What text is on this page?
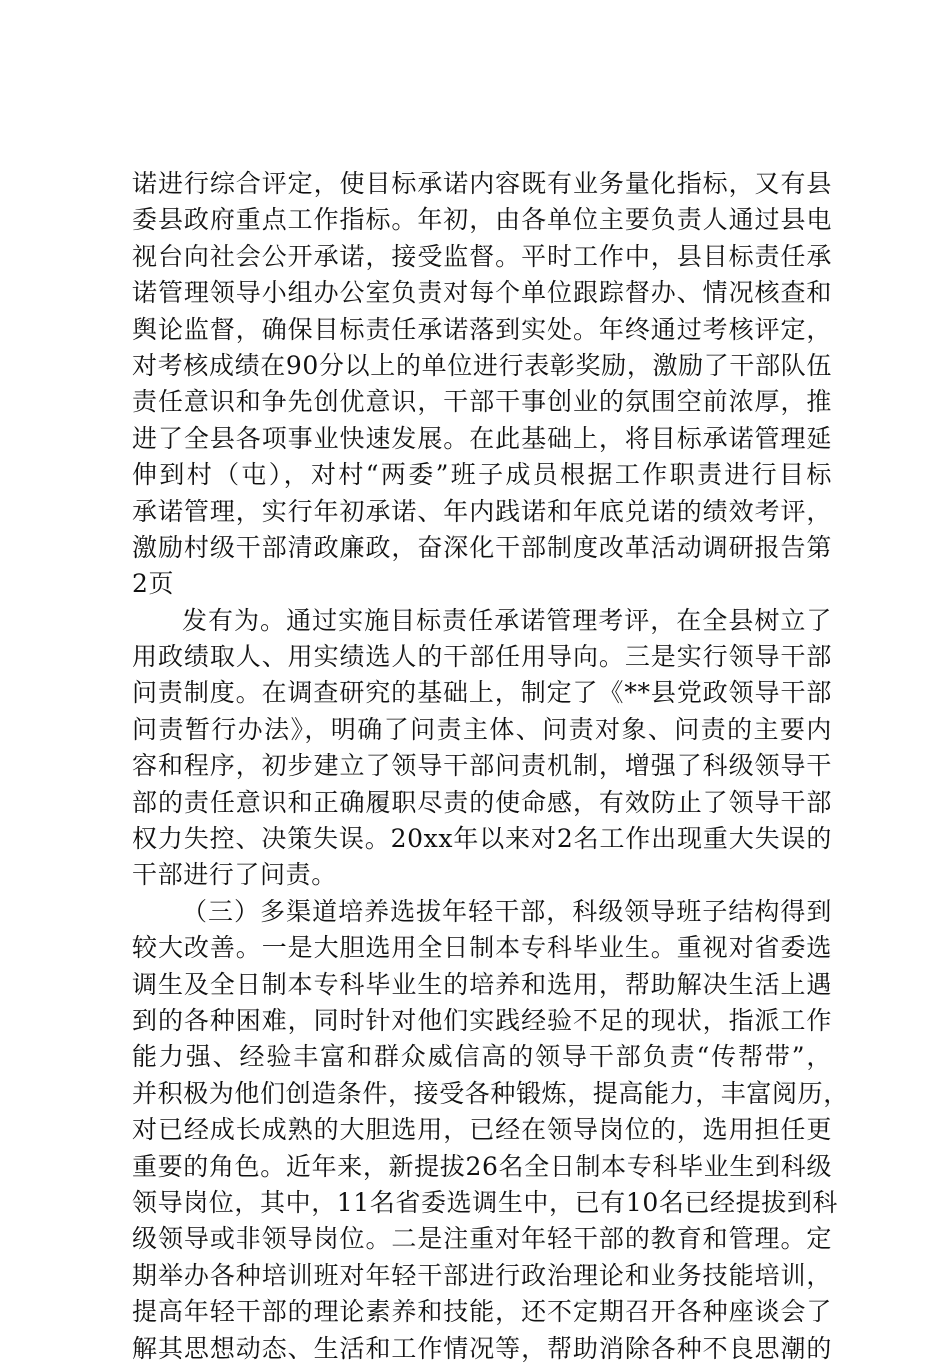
诺进行综合评定，使目标承诺内容既有业务量化指标，又有县
委县政府重点工作指标。年初，由各单位主要负责人通过县电
视台向社会公开承诺，接受监督。平时工作中，县目标责任承
诺管理领导小组办公室负责对每个单位跟踪督办、情况核查和
舆论监督，确保目标责任承诺落到实处。年终通过考核评定，
对考核成绩在90分以上的单位进行表彰奖励，激励了干部队伍
责任意识和争先创优意识，干部干事创业的氛围空前浓厚，推
进了全县各项事业快速发展。在此基础上，将目标承诺管理延
伸到村（屯），对村“两委”班子成员根据工作职责进行目标
承诺管理，实行年初承诺、年内践诺和年底兑诺的绩效考评，
激励村级干部清政廉政，奋深化干部制度改革活动调研报告第
2页
发有为。通过实施目标责任承诺管理考评，在全县树立了
用政绩取人、用实绩选人的干部任用导向。三是实行领导干部
问责制度。在调查研究的基础上，制定了《**县党政领导干部
问责暂行办法》，明确了问责主体、问责对象、问责的主要内
容和程序，初步建立了领导干部问责机制，增强了科级领导干
部的责任意识和正确履职尽责的使命感，有效防止了领导干部
权力失控、决策失误。20xx年以来对2名工作出现重大失误的
干部进行了问责。
（三）多渠道培养选拔年轻干部，科级领导班子结构得到
较大改善。一是大胆选用全日制本专科毕业生。重视对省委选
调生及全日制本专科毕业生的培养和选用，帮助解决生活上遇
到的各种困难，同时针对他们实践经验不足的现状，指派工作
能力强、经验丰富和群众威信高的领导干部负责“传帮带”，
并积极为他们创造条件，接受各种锻炼，提高能力，丰富阅历，
对已经成长成熟的大胆选用，已经在领导岗位的，选用担任更
重要的角色。近年来，新提拔26名全日制本专科毕业生到科级
领导岗位，其中，11名省委选调生中，已有10名已经提拔到科
级领导或非领导岗位。二是注重对年轻干部的教育和管理。定
期举办各种培训班对年轻干部进行政治理论和业务技能培训，
提高年轻干部的理论素养和技能，还不定期召开各种座谈会了
解其思想动态、生活和工作情况等，帮助消除各种不良思潮的
